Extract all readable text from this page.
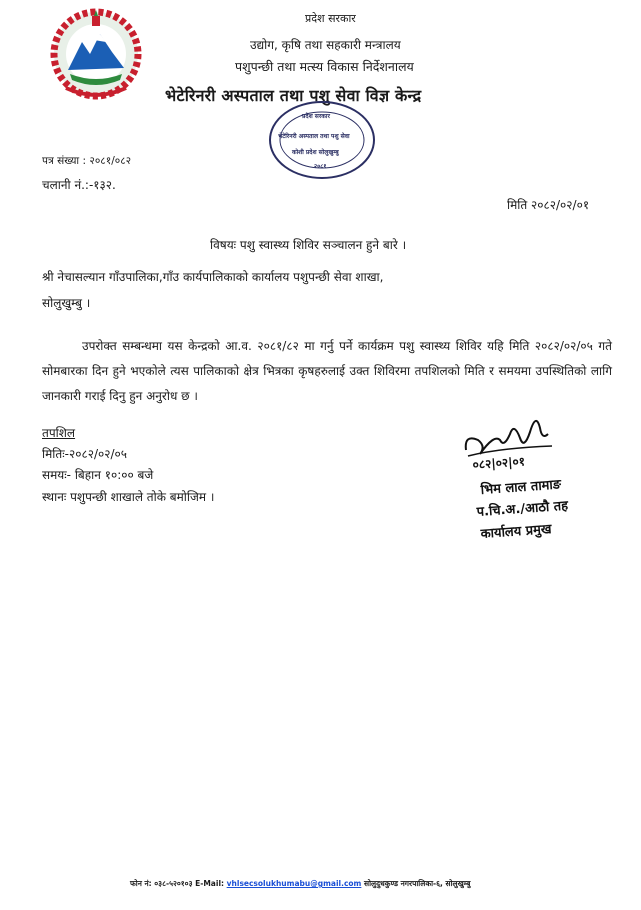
प्रदेश सरकार
उद्योग, कृषि तथा सहकारी मन्त्रालय
पशुपन्छी तथा मत्स्य विकास निर्देशनालय
भेटेरिनरी अस्पताल तथा पशु सेवा विज्ञ केन्द्र
प्रदेश सरकार
भेटेरिनरी अस्पताल तथा पशु सेवा
कोशी प्रदेश सोलुखुम्बु
२०८१
पत्र संख्या : २०८१/०८२
चलानी नं.:-१३२.
मिति २०८२/०२/०१
विषयः पशु स्वास्थ्य शिविर सञ्चालन हुने बारे ।
श्री नेचासल्यान गाँउपालिका,गाँउ कार्यपालिकाको कार्यालय पशुपन्छी सेवा शाखा,
सोलुखुम्बु ।
उपरोक्त सम्बन्धमा यस केन्द्रको आ.व. २०८१/८२ मा गर्नु पर्ने कार्यक्रम पशु स्वास्थ्य शिविर यहि मिति २०८२/०२/०५ गते सोमबारका दिन हुने भएकोले त्यस पालिकाको क्षेत्र भित्रका कृषहरुलाई उक्त शिविरमा तपशिलको मिति र समयमा उपस्थितिको लागि जानकारी गराई दिनु हुन अनुरोध छ ।
तपशिल
मितिः-२०८२/०२/०५
समयः- बिहान १०:०० बजे
स्थानः पशुपन्छी शाखाले तोके बमोजिम ।
०८२|०२|०१
भिम लाल तामाङ
प.चि.अ./आठौ तह
कार्यालय प्रमुख
फोन नं: ०३८-५२०१०३ E-Mail: vhlsecsolukhumabu@gmail.com सोलुदुधकुण्ड नगरपालिका-६, सोलुखुम्बु
